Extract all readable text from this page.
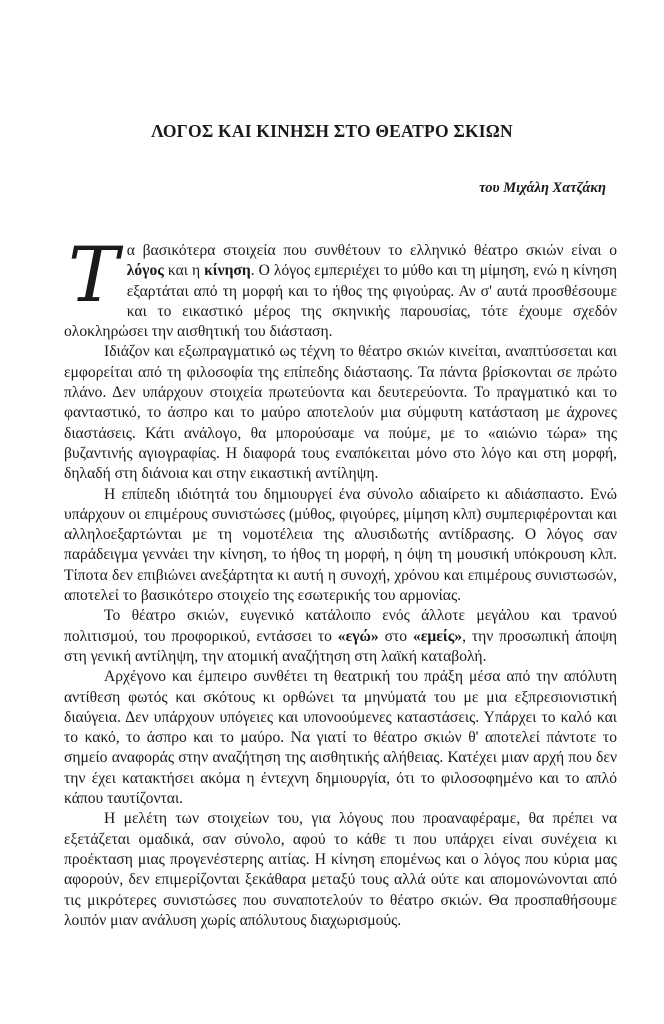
ΛΟΓΟΣ ΚΑΙ ΚΙΝΗΣΗ ΣΤΟ ΘΕΑΤΡΟ ΣΚΙΩΝ

του Μιχάλη Χατζάκη

Τα βασικότερα στοιχεία που συνθέτουν το ελληνικό θέατρο σκιών είναι ο λόγος και η κίνηση. Ο λόγος εμπεριέχει το μύθο και τη μίμηση, ενώ η κίνηση εξαρτάται από τη μορφή και το ήθος της φιγούρας. Αν σ' αυτά προσθέσουμε και το εικαστικό μέρος της σκηνικής παρουσίας, τότε έχουμε σχεδόν ολοκληρώσει την αισθητική του διάσταση.

Ιδιάζον και εξωπραγματικό ως τέχνη το θέατρο σκιών κινείται, αναπτύσσεται και εμφορείται από τη φιλοσοφία της επίπεδης διάστασης. Τα πάντα βρίσκονται σε πρώτο πλάνο. Δεν υπάρχουν στοιχεία πρωτεύοντα και δευτερεύοντα. Το πραγματικό και το φανταστικό, το άσπρο και το μαύρο αποτελούν μια σύμφυτη κατάσταση με άχρονες διαστάσεις. Κάτι ανάλογο, θα μπορούσαμε να πούμε, με το «αιώνιο τώρα» της βυζαντινής αγιογραφίας. Η διαφορά τους εναπόκειται μόνο στο λόγο και στη μορφή, δηλαδή στη διάνοια και στην εικαστική αντίληψη.

Η επίπεδη ιδιότητά του δημιουργεί ένα σύνολο αδιαίρετο κι αδιάσπαστο. Ενώ υπάρχουν οι επιμέρους συνιστώσες (μύθος, φιγούρες, μίμηση κλπ) συμπεριφέρονται και αλληλοεξαρτώνται με τη νομοτέλεια της αλυσιδωτής αντίδρασης. Ο λόγος σαν παράδειγμα γεννάει την κίνηση, το ήθος τη μορφή, η όψη τη μουσική υπόκρουση κλπ. Τίποτα δεν επιβιώνει ανεξάρτητα κι αυτή η συνοχή, χρόνου και επιμέρους συνιστωσών, αποτελεί το βασικότερο στοιχείο της εσωτερικής του αρμονίας.

Το θέατρο σκιών, ευγενικό κατάλοιπο ενός άλλοτε μεγάλου και τρανού πολιτισμού, του προφορικού, εντάσσει το «εγώ» στο «εμείς», την προσωπική άποψη στη γενική αντίληψη, την ατομική αναζήτηση στη λαϊκή καταβολή.

Αρχέγονο και έμπειρο συνθέτει τη θεατρική του πράξη μέσα από την απόλυτη αντίθεση φωτός και σκότους κι ορθώνει τα μηνύματά του με μια εξπρεσιονιστική διαύγεια. Δεν υπάρχουν υπόγειες και υπονοούμενες καταστάσεις. Υπάρχει το καλό και το κακό, το άσπρο και το μαύρο. Να γιατί το θέατρο σκιών θ' αποτελεί πάντοτε το σημείο αναφοράς στην αναζήτηση της αισθητικής αλήθειας. Κατέχει μιαν αρχή που δεν την έχει κατακτήσει ακόμα η έντεχνη δημιουργία, ότι το φιλοσοφημένο και το απλό κάπου ταυτίζονται.

Η μελέτη των στοιχείων του, για λόγους που προαναφέραμε, θα πρέπει να εξετάζεται ομαδικά, σαν σύνολο, αφού το κάθε τι που υπάρχει είναι συνέχεια κι προέκταση μιας προγενέστερης αιτίας. Η κίνηση επομένως και ο λόγος που κύρια μας αφορούν, δεν επιμερίζονται ξεκάθαρα μεταξύ τους αλλά ούτε και απομονώνονται από τις μικρότερες συνιστώσες που συναποτελούν το θέατρο σκιών. Θα προσπαθήσουμε λοιπόν μιαν ανάλυση χωρίς απόλυτους διαχωρισμούς.
